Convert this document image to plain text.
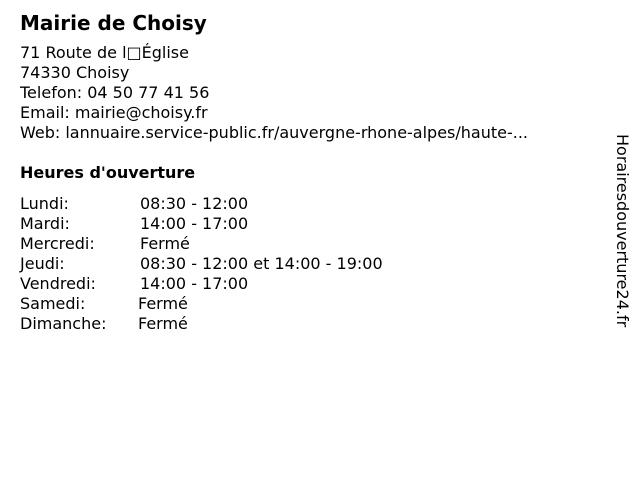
Mairie de Choisy
71 Route de l□Église
74330 Choisy
Telefon: 04 50 77 41 56
Email: mairie@choisy.fr
Web: lannuaire.service-public.fr/auvergne-rhone-alpes/haute-...
Heures d'ouverture
Lundi:	08:30 - 12:00
Mardi:	14:00 - 17:00
Mercredi:	Fermé
Jeudi:	08:30 - 12:00 et 14:00 - 19:00
Vendredi:	14:00 - 17:00
Samedi:	Fermé
Dimanche: Fermé	Horairesdouverture24.fr
